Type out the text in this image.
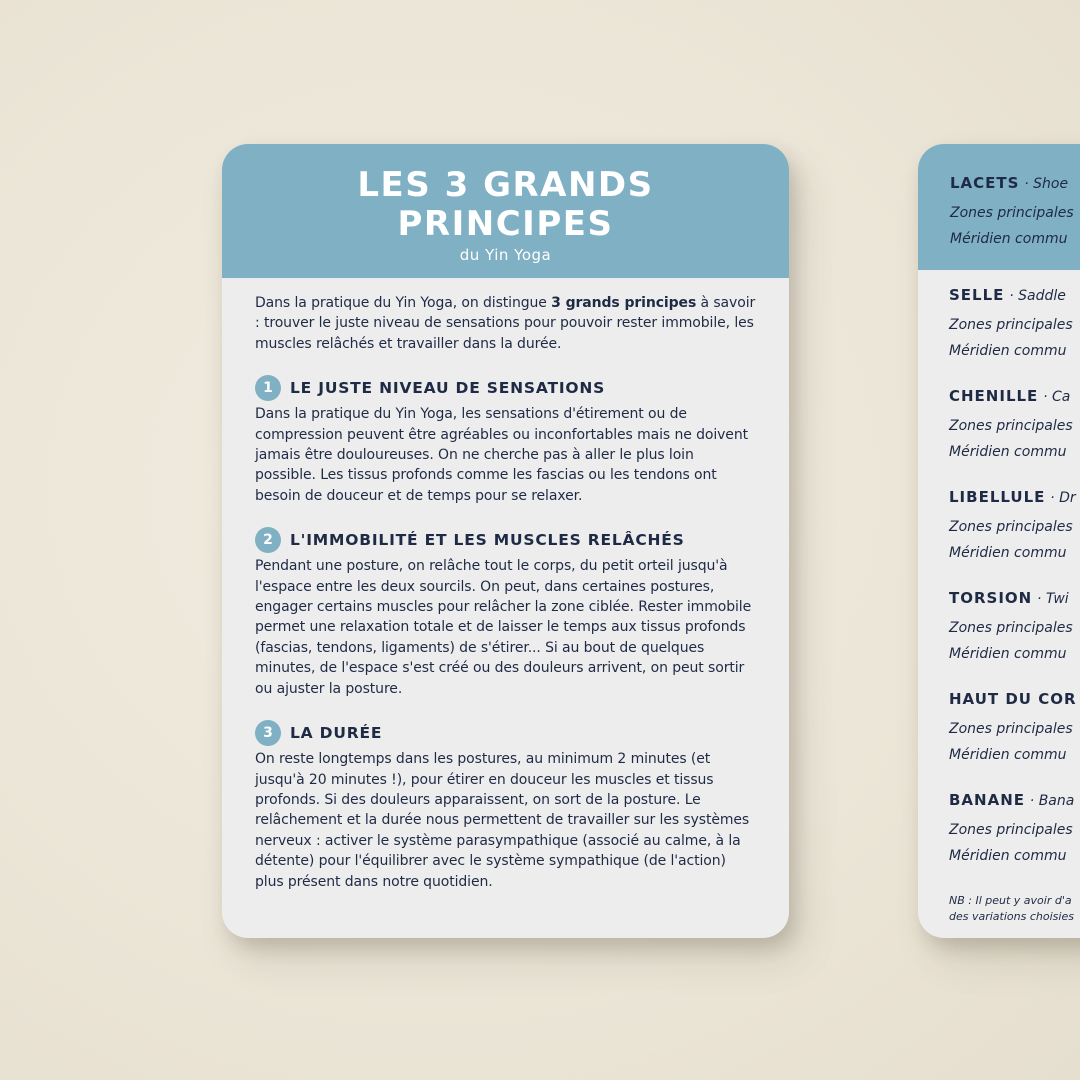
LES 3 GRANDS
PRINCIPES
du Yin Yoga

Dans la pratique du Yin Yoga, on distingue 3 grands principes à savoir : trouver le juste niveau de sensations pour pouvoir rester immobile, les muscles relâchés et travailler dans la durée.

1	LE JUSTE NIVEAU DE SENSATIONS

Dans la pratique du Yin Yoga, les sensations d'étirement ou de compression peuvent être agréables ou inconfortables mais ne doivent jamais être douloureuses. On ne cherche pas à aller le plus loin possible. Les tissus profonds comme les fascias ou les tendons ont besoin de douceur et de temps pour se relaxer.

2	L'IMMOBILITÉ ET LES MUSCLES RELÂCHÉS

Pendant une posture, on relâche tout le corps, du petit orteil jusqu'à l'espace entre les deux sourcils. On peut, dans certaines postures, engager certains muscles pour relâcher la zone ciblée. Rester immobile permet une relaxation totale et de laisser le temps aux tissus profonds (fascias, tendons, ligaments) de s'étirer... Si au bout de quelques minutes, de l'espace s'est créé ou des douleurs arrivent, on peut sortir ou ajuster la posture.

3	LA DURÉE

On reste longtemps dans les postures, au minimum 2 minutes (et jusqu'à 20 minutes !), pour étirer en douceur les muscles et tissus profonds. Si des douleurs apparaissent, on sort de la posture. Le relâchement et la durée nous permettent de travailler sur les systèmes nerveux : activer le système parasympathique (associé au calme, à la détente) pour l'équilibrer avec le système sympathique (de l'action) plus présent dans notre quotidien.

LACETS · Shoe
Zones principales
Méridien commu
SELLE · Saddle
Zones principales
Méridien commu
CHENILLE · Ca
Zones principales
Méridien commu
LIBELLULE · Dr
Zones principales
Méridien commu
TORSION · Twi
Zones principales
Méridien commu
HAUT DU COR
Zones principales
Méridien commu
BANANE · Bana
Zones principales
Méridien commu
NB : Il peut y avoir d'a
des variations choisies
